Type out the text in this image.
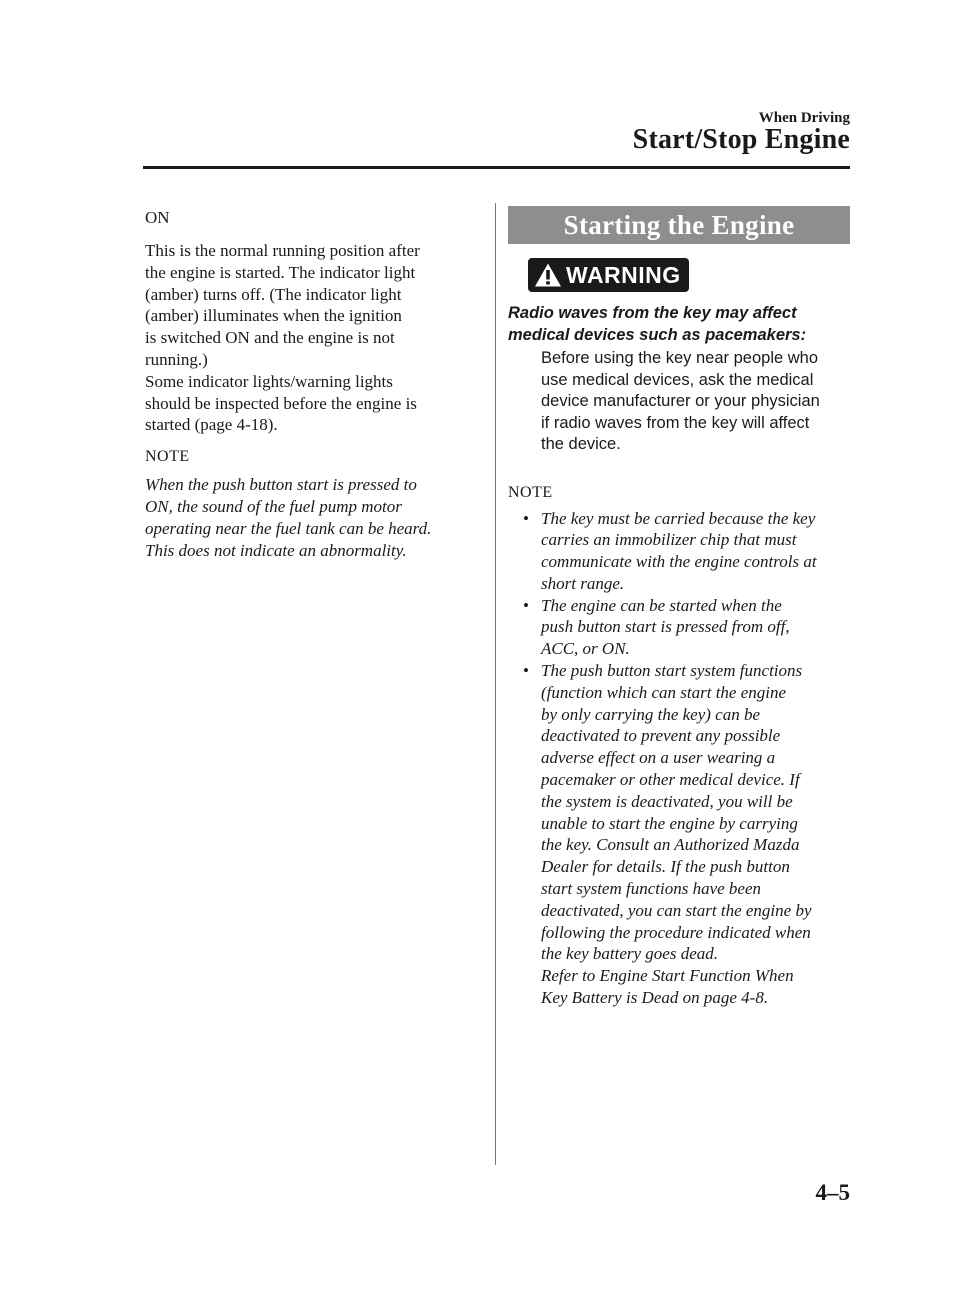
When Driving
Start/Stop Engine
ON
This is the normal running position after
the engine is started. The indicator light
(amber) turns off. (The indicator light
(amber) illuminates when the ignition
is switched ON and the engine is not
running.)
Some indicator lights/warning lights
should be inspected before the engine is
started (page 4-18).
NOTE
When the push button start is pressed to
ON, the sound of the fuel pump motor
operating near the fuel tank can be heard.
This does not indicate an abnormality.
Starting the Engine
WARNING
Radio waves from the key may affect
medical devices such as pacemakers:
Before using the key near people who
use medical devices, ask the medical
device manufacturer or your physician
if radio waves from the key will affect
the device.
NOTE
• The key must be carried because the key
carries an immobilizer chip that must
communicate with the engine controls at
short range.
• The engine can be started when the
push button start is pressed from off,
ACC, or ON.
• The push button start system functions
(function which can start the engine
by only carrying the key) can be
deactivated to prevent any possible
adverse effect on a user wearing a
pacemaker or other medical device. If
the system is deactivated, you will be
unable to start the engine by carrying
the key. Consult an Authorized Mazda
Dealer for details. If the push button
start system functions have been
deactivated, you can start the engine by
following the procedure indicated when
the key battery goes dead.
Refer to Engine Start Function When
Key Battery is Dead on page 4-8.
4–5
